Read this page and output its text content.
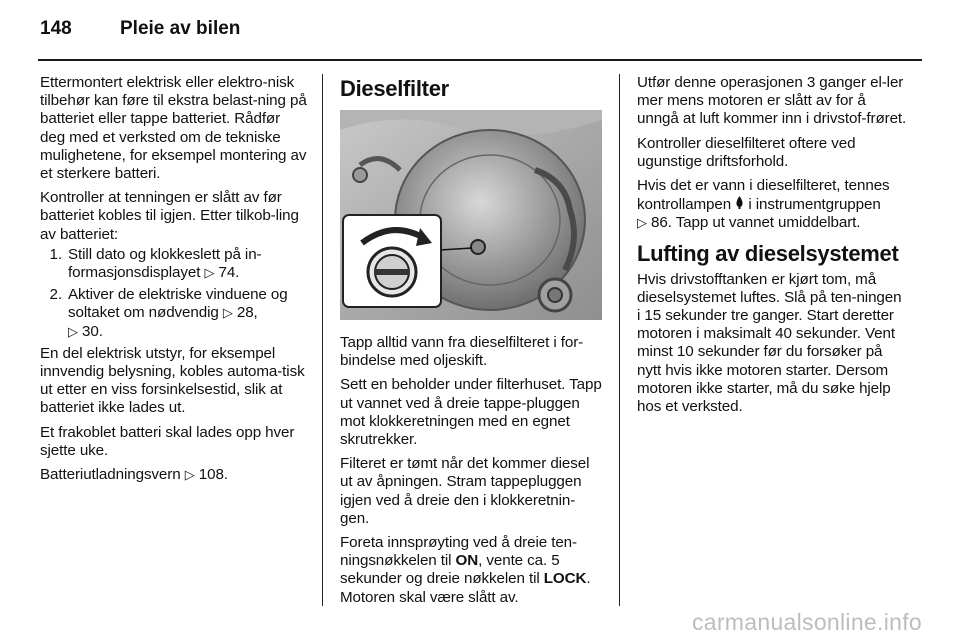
148	Pleie av bilen

Ettermontert elektrisk eller elektro-nisk tilbehør kan føre til ekstra belast-ning på batteriet eller tappe batteriet. Rådfør deg med et verksted om de tekniske mulighetene, for eksempel montering av et sterkere batteri.

Kontroller at tenningen er slått av før batteriet kobles til igjen. Etter tilkob-ling av batteriet:

1. Still dato og klokkeslett på in-formasjonsdisplayet ▷ 74.
2. Aktiver de elektriske vinduene og soltaket om nødvendig ▷ 28,
▷ 30.

En del elektrisk utstyr, for eksempel innvendig belysning, kobles automa-tisk ut etter en viss forsinkelsestid, slik at batteriet ikke lades ut.

Et frakoblet batteri skal lades opp hver sjette uke.

Batteriutladningsvern ▷ 108.

Dieselfilter

Tapp alltid vann fra dieselfilteret i for-bindelse med oljeskift.

Sett en beholder under filterhuset. Tapp ut vannet ved å dreie tappe-pluggen mot klokkeretningen med en egnet skrutrekker.

Filteret er tømt når det kommer diesel ut av åpningen. Stram tappepluggen igjen ved å dreie den i klokkeretnin-gen.

Foreta innsprøyting ved å dreie ten-ningsnøkkelen til ON, vente ca. 5 sekunder og dreie nøkkelen til LOCK. Motoren skal være slått av.

Utfør denne operasjonen 3 ganger el-ler mer mens motoren er slått av for å unngå at luft kommer inn i drivstof-frøret.

Kontroller dieselfilteret oftere ved ugunstige driftsforhold.

Hvis det er vann i dieselfilteret, tennes kontrollampen i instrumentgruppen
▷ 86. Tapp ut vannet umiddelbart.

Lufting av dieselsystemet

Hvis drivstofftanken er kjørt tom, må dieselsystemet luftes. Slå på ten-ningen i 15 sekunder tre ganger. Start deretter motoren i maksimalt 40 sekunder. Vent minst 10 sekunder før du forsøker på nytt hvis ikke motoren starter. Dersom motoren ikke starter, må du søke hjelp hos et verksted.

carmanualsonline.info
